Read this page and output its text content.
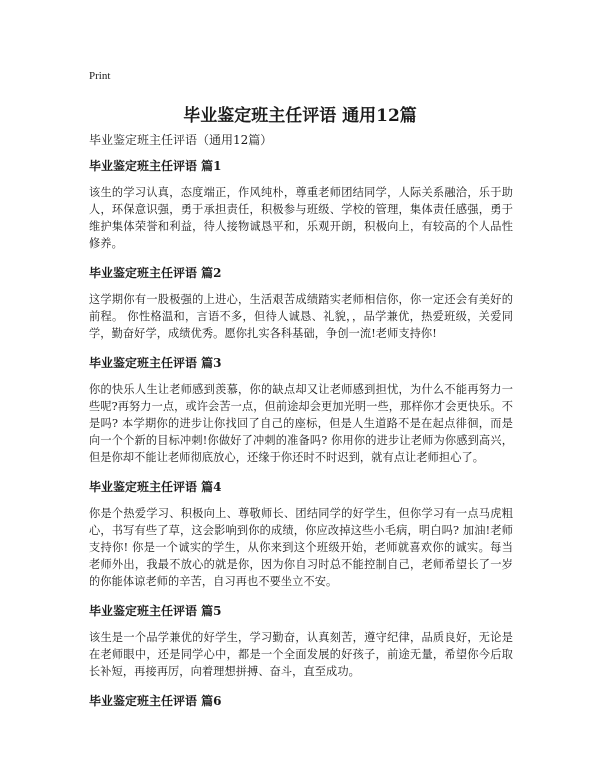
Print
毕业鉴定班主任评语 通用12篇

毕业鉴定班主任评语（通用12篇）

毕业鉴定班主任评语 篇1

该生的学习认真，态度端正，作风纯朴，尊重老师团结同学，人际关系融洽，乐于助人，环保意识强，勇于承担责任，积极参与班级、学校的管理，集体责任感强，勇于维护集体荣誉和利益，待人接物诚恳平和，乐观开朗，积极向上，有较高的个人品性修养。

毕业鉴定班主任评语 篇2

这学期你有一股极强的上进心，生活艰苦成绩踏实老师相信你，你一定还会有美好的前程。 你性格温和，言语不多，但待人诚恳、礼貌，，品学兼优，热爱班级，关爱同学，勤奋好学，成绩优秀。愿你扎实各科基础，争创一流!老师支持你!

毕业鉴定班主任评语 篇3

你的快乐人生让老师感到羡慕，你的缺点却又让老师感到担忧，为什么不能再努力一些呢?再努力一点，或许会苦一点，但前途却会更加光明一些，那样你才会更快乐。不是吗? 本学期你的进步让你找回了自己的座标，但是人生道路不是在起点徘徊，而是向一个个新的目标冲刺!你做好了冲刺的准备吗? 你用你的进步让老师为你感到高兴，但是你却不能让老师彻底放心，还缘于你还时不时迟到，就有点让老师担心了。

毕业鉴定班主任评语 篇4

你是个热爱学习、积极向上、尊敬师长、团结同学的好学生，但你学习有一点马虎粗心，书写有些了草，这会影响到你的成绩，你应改掉这些小毛病，明白吗? 加油!老师支持你! 你是一个诚实的学生，从你来到这个班级开始，老师就喜欢你的诚实。每当老师外出，我最不放心的就是你，因为你自习时总不能控制自己，老师希望长了一岁的你能体谅老师的辛苦，自习再也不要坐立不安。

毕业鉴定班主任评语 篇5

该生是一个品学兼优的好学生，学习勤奋，认真刻苦，遵守纪律，品质良好，无论是在老师眼中，还是同学心中，都是一个全面发展的好孩子，前途无量，希望你今后取长补短，再接再厉，向着理想拼搏、奋斗，直至成功。

毕业鉴定班主任评语 篇6
